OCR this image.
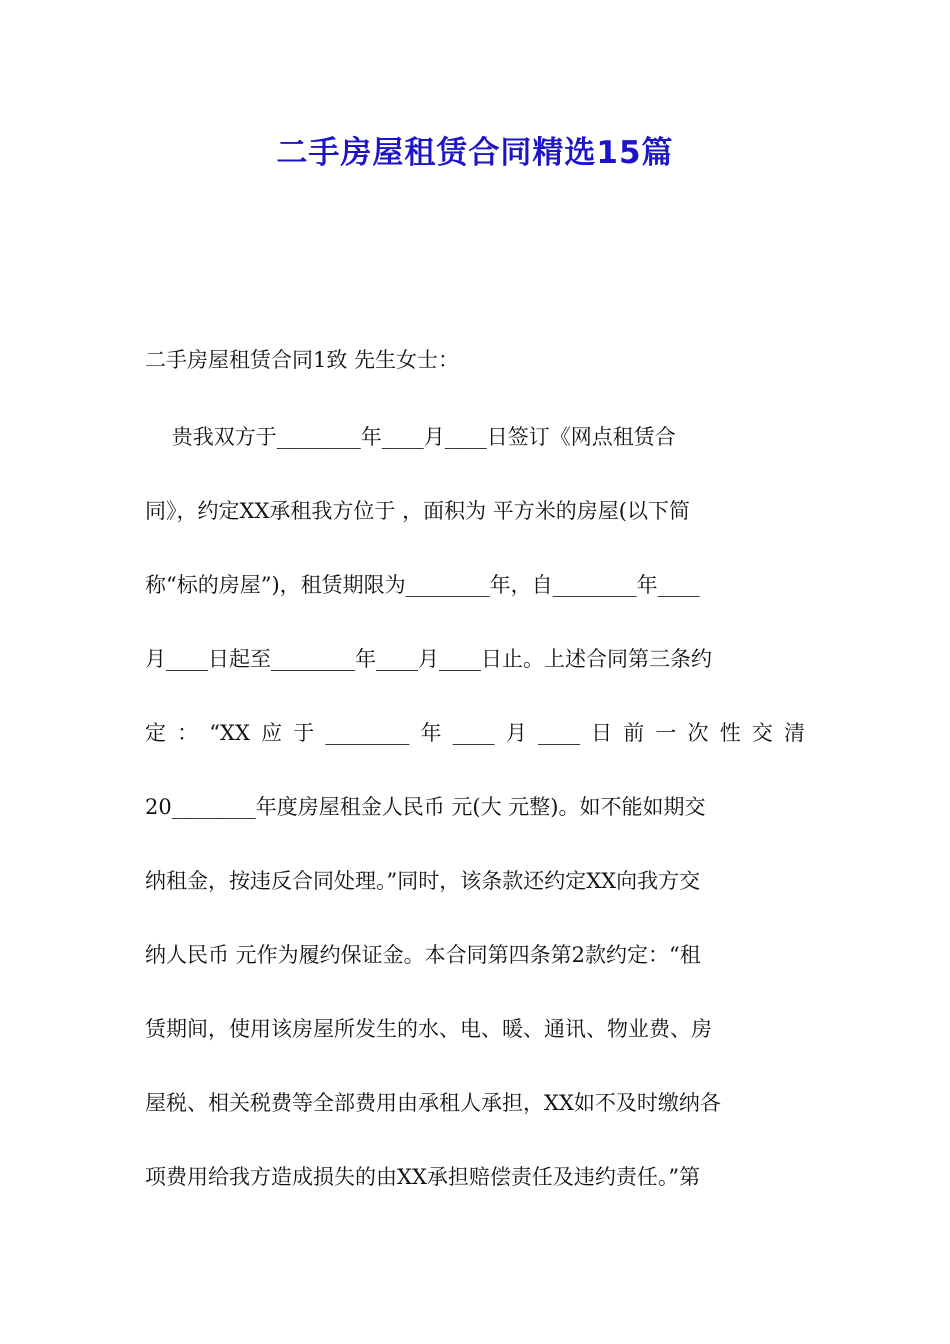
二手房屋租赁合同精选15篇
二手房屋租赁合同1致 先生女士：
贵我双方于________年____月____日签订《网点租赁合
同》，约定XX承租我方位于 ，面积为 平方米的房屋(以下简
称“标的房屋”)，租赁期限为________年，自________年____
月____日起至________年____月____日止。上述合同第三条约
定：“XX应于________年____月____日前一次性交清
20________年度房屋租金人民币 元(大 元整)。如不能如期交
纳租金，按违反合同处理。”同时，该条款还约定XX向我方交
纳人民币 元作为履约保证金。本合同第四条第2款约定：“租
赁期间，使用该房屋所发生的水、电、暖、通讯、物业费、房
屋税、相关税费等全部费用由承租人承担，XX如不及时缴纳各
项费用给我方造成损失的由XX承担赔偿责任及违约责任。”第
